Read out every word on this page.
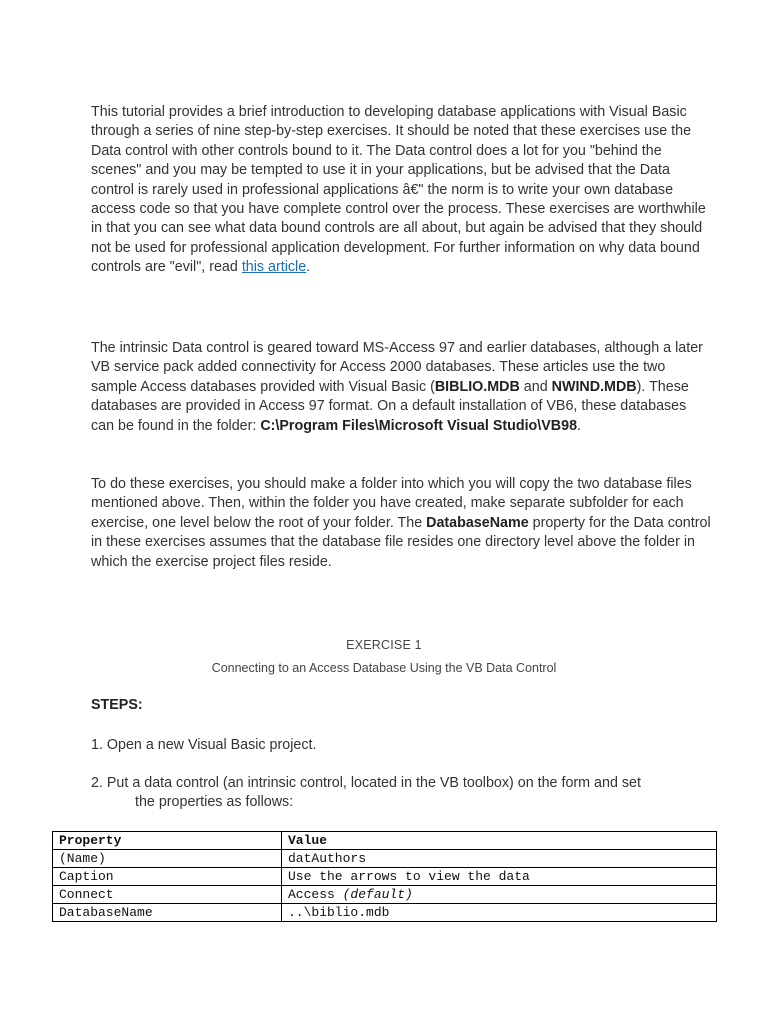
This tutorial provides a brief introduction to developing database applications with Visual Basic through a series of nine step-by-step exercises. It should be noted that these exercises use the Data control with other controls bound to it. The Data control does a lot for you "behind the scenes" and you may be tempted to use it in your applications, but be advised that the Data control is rarely used in professional applications â€" the norm is to write your own database access code so that you have complete control over the process. These exercises are worthwhile in that you can see what data bound controls are all about, but again be advised that they should not be used for professional application development. For further information on why data bound controls are "evil", read this article.

The intrinsic Data control is geared toward MS-Access 97 and earlier databases, although a later VB service pack added connectivity for Access 2000 databases. These articles use the two sample Access databases provided with Visual Basic (BIBLIO.MDB and NWIND.MDB). These databases are provided in Access 97 format. On a default installation of VB6, these databases can be found in the folder: C:\Program Files\Microsoft Visual Studio\VB98.

To do these exercises, you should make a folder into which you will copy the two database files mentioned above. Then, within the folder you have created, make separate subfolder for each exercise, one level below the root of your folder. The DatabaseName property for the Data control in these exercises assumes that the database file resides one directory level above the folder in which the exercise project files reside.

EXERCISE 1
Connecting to an Access Database Using the VB Data Control
STEPS:
1. Open a new Visual Basic project.
2. Put a data control (an intrinsic control, located in the VB toolbox) on the form and set
the properties as follows:
Property	Value
(Name)	datAuthors
Caption	Use the arrows to view the data
Connect	Access (default)
DatabaseName	..\biblio.mdb
